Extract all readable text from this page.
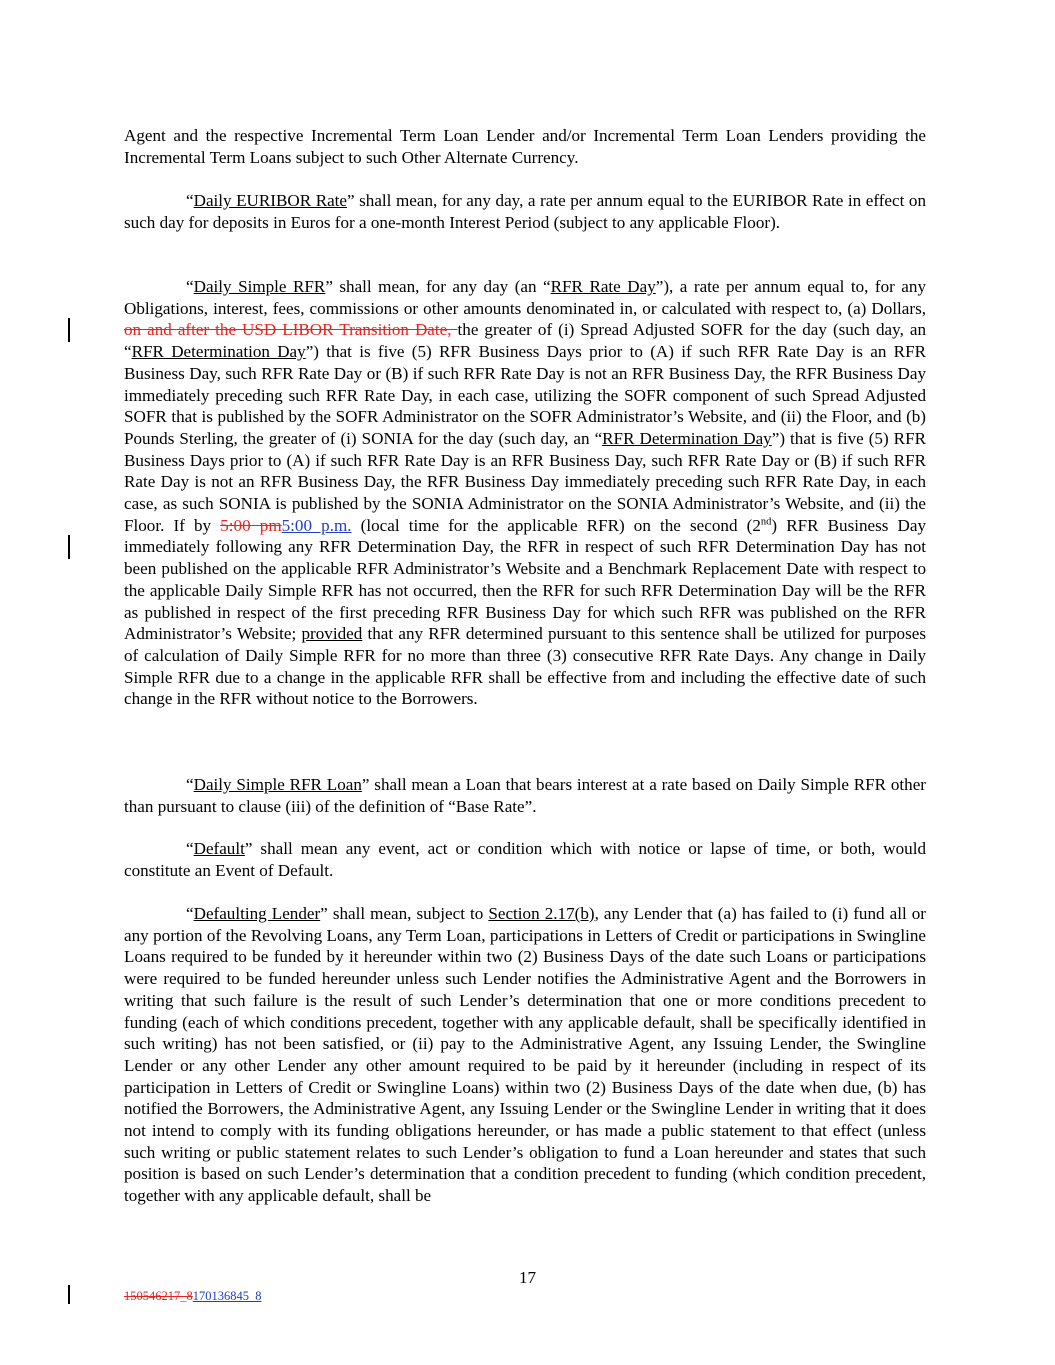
Agent and the respective Incremental Term Loan Lender and/or Incremental Term Loan Lenders providing the Incremental Term Loans subject to such Other Alternate Currency.

“Daily EURIBOR Rate” shall mean, for any day, a rate per annum equal to the EURIBOR Rate in effect on such day for deposits in Euros for a one-month Interest Period (subject to any applicable Floor).

“Daily Simple RFR” shall mean, for any day (an “RFR Rate Day”), a rate per annum equal to, for any Obligations, interest, fees, commissions or other amounts denominated in, or calculated with respect to, (a) Dollars, on and after the USD LIBOR Transition Date, the greater of (i) Spread Adjusted SOFR for the day (such day, an “RFR Determination Day”) that is five (5) RFR Business Days prior to (A) if such RFR Rate Day is an RFR Business Day, such RFR Rate Day or (B) if such RFR Rate Day is not an RFR Business Day, the RFR Business Day immediately preceding such RFR Rate Day, in each case, utilizing the SOFR component of such Spread Adjusted SOFR that is published by the SOFR Administrator on the SOFR Administrator’s Website, and (ii) the Floor, and (b) Pounds Sterling, the greater of (i) SONIA for the day (such day, an “RFR Determination Day”) that is five (5) RFR Business Days prior to (A) if such RFR Rate Day is an RFR Business Day, such RFR Rate Day or (B) if such RFR Rate Day is not an RFR Business Day, the RFR Business Day immediately preceding such RFR Rate Day, in each case, as such SONIA is published by the SONIA Administrator on the SONIA Administrator’s Website, and (ii) the Floor. If by 5:00 pm5:00 p.m. (local time for the applicable RFR) on the second (2nd) RFR Business Day immediately following any RFR Determination Day, the RFR in respect of such RFR Determination Day has not been published on the applicable RFR Administrator’s Website and a Benchmark Replacement Date with respect to the applicable Daily Simple RFR has not occurred, then the RFR for such RFR Determination Day will be the RFR as published in respect of the first preceding RFR Business Day for which such RFR was published on the RFR Administrator’s Website; provided that any RFR determined pursuant to this sentence shall be utilized for purposes of calculation of Daily Simple RFR for no more than three (3) consecutive RFR Rate Days. Any change in Daily Simple RFR due to a change in the applicable RFR shall be effective from and including the effective date of such change in the RFR without notice to the Borrowers.

“Daily Simple RFR Loan” shall mean a Loan that bears interest at a rate based on Daily Simple RFR other than pursuant to clause (iii) of the definition of “Base Rate”.

“Default” shall mean any event, act or condition which with notice or lapse of time, or both, would constitute an Event of Default.

“Defaulting Lender” shall mean, subject to Section 2.17(b), any Lender that (a) has failed to (i) fund all or any portion of the Revolving Loans, any Term Loan, participations in Letters of Credit or participations in Swingline Loans required to be funded by it hereunder within two (2) Business Days of the date such Loans or participations were required to be funded hereunder unless such Lender notifies the Administrative Agent and the Borrowers in writing that such failure is the result of such Lender’s determination that one or more conditions precedent to funding (each of which conditions precedent, together with any applicable default, shall be specifically identified in such writing) has not been satisfied, or (ii) pay to the Administrative Agent, any Issuing Lender, the Swingline Lender or any other Lender any other amount required to be paid by it hereunder (including in respect of its participation in Letters of Credit or Swingline Loans) within two (2) Business Days of the date when due, (b) has notified the Borrowers, the Administrative Agent, any Issuing Lender or the Swingline Lender in writing that it does not intend to comply with its funding obligations hereunder, or has made a public statement to that effect (unless such writing or public statement relates to such Lender’s obligation to fund a Loan hereunder and states that such position is based on such Lender’s determination that a condition precedent to funding (which condition precedent, together with any applicable default, shall be

17
150546217_8170136845_8
